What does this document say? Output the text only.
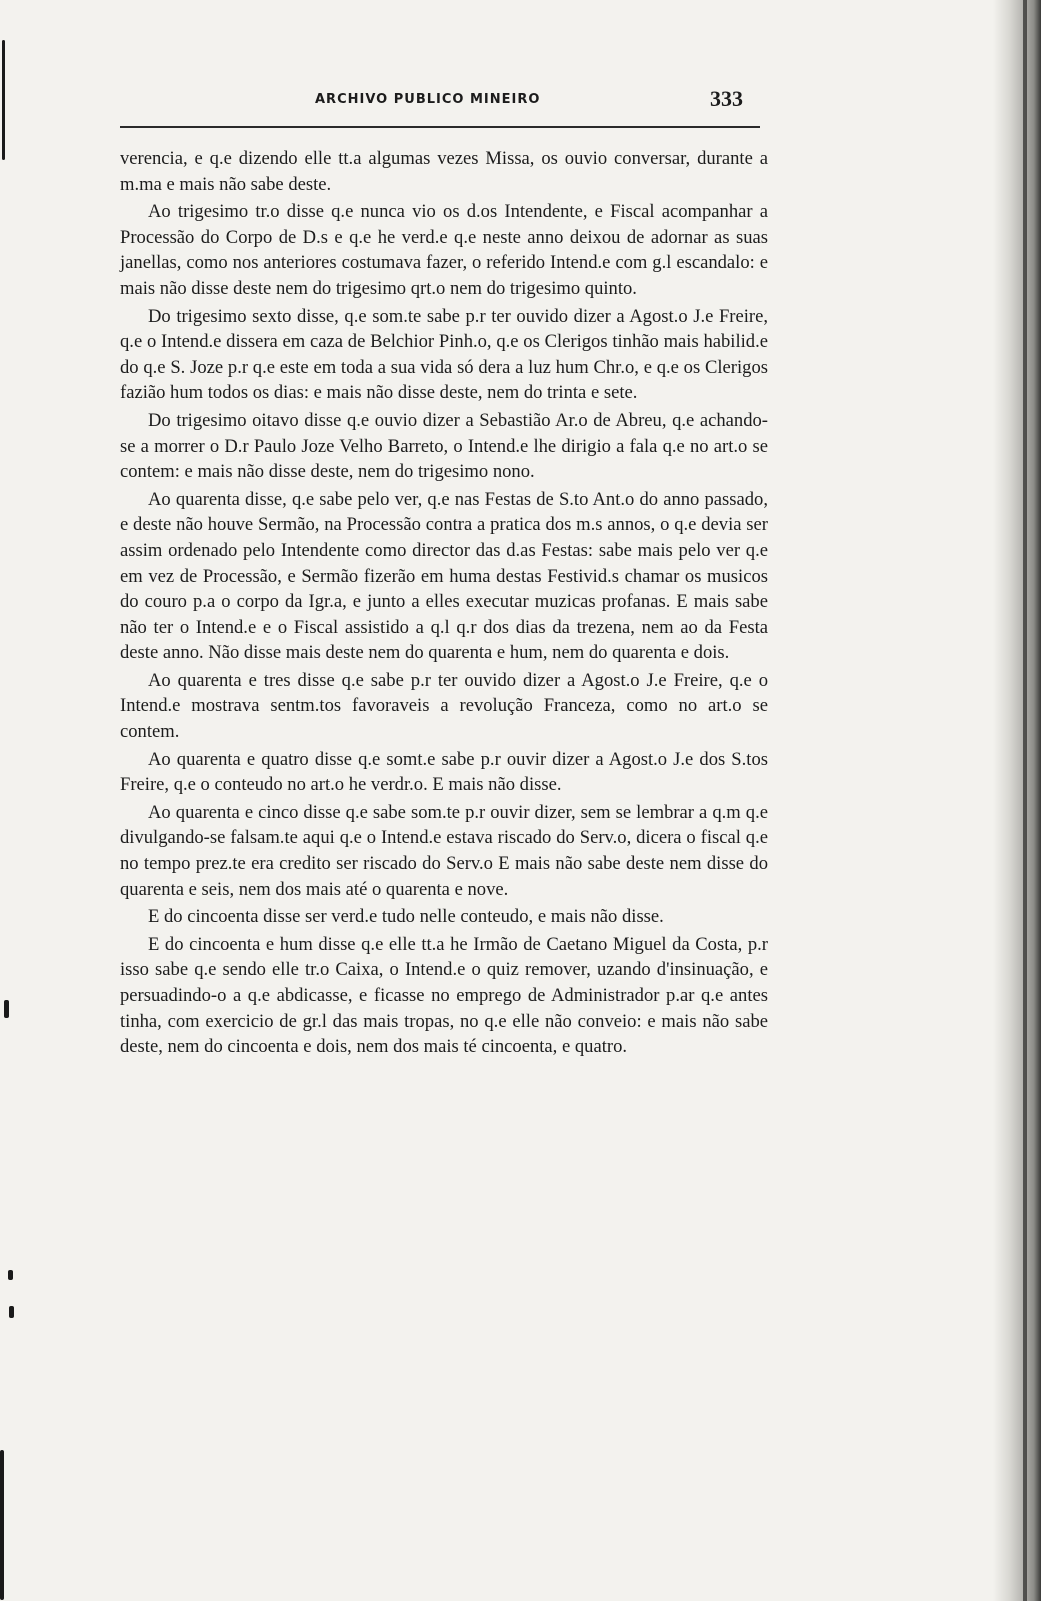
ARCHIVO PUBLICO MINEIRO	333

verencia, e q.e dizendo elle tt.a algumas vezes Missa, os ouvio conversar, durante a m.ma e mais não sabe deste.

Ao trigesimo tr.o disse q.e nunca vio os d.os Intendente, e Fiscal acompanhar a Processão do Corpo de D.s e q.e he verd.e q.e neste anno deixou de adornar as suas janellas, como nos anteriores costumava fazer, o referido Intend.e com g.l escandalo: e mais não disse deste nem do trigesimo qrt.o nem do trigesimo quinto.

Do trigesimo sexto disse, q.e som.te sabe p.r ter ouvido dizer a Agost.o J.e Freire, q.e o Intend.e dissera em caza de Belchior Pinh.o, q.e os Clerigos tinhão mais habilid.e do q.e S. Joze p.r q.e este em toda a sua vida só dera a luz hum Chr.o, e q.e os Clerigos fazião hum todos os dias: e mais não disse deste, nem do trinta e sete.

Do trigesimo oitavo disse q.e ouvio dizer a Sebastião Ar.o de Abreu, q.e achando-se a morrer o D.r Paulo Joze Velho Barreto, o Intend.e lhe dirigio a fala q.e no art.o se contem: e mais não disse deste, nem do trigesimo nono.

Ao quarenta disse, q.e sabe pelo ver, q.e nas Festas de S.to Ant.o do anno passado, e deste não houve Sermão, na Processão contra a pratica dos m.s annos, o q.e devia ser assim ordenado pelo Intendente como director das d.as Festas: sabe mais pelo ver q.e em vez de Processão, e Sermão fizerão em huma destas Festivid.s chamar os musicos do couro p.a o corpo da Igr.a, e junto a elles executar muzicas profanas. E mais sabe não ter o Intend.e e o Fiscal assistido a q.l q.r dos dias da trezena, nem ao da Festa deste anno. Não disse mais deste nem do quarenta e hum, nem do quarenta e dois.

Ao quarenta e tres disse q.e sabe p.r ter ouvido dizer a Agost.o J.e Freire, q.e o Intend.e mostrava sentm.tos favoraveis a revolução Franceza, como no art.o se contem.

Ao quarenta e quatro disse q.e somt.e sabe p.r ouvir dizer a Agost.o J.e dos S.tos Freire, q.e o conteudo no art.o he verdr.o. E mais não disse.

Ao quarenta e cinco disse q.e sabe som.te p.r ouvir dizer, sem se lembrar a q.m q.e divulgando-se falsam.te aqui q.e o Intend.e estava riscado do Serv.o, dicera o fiscal q.e no tempo prez.te era credito ser riscado do Serv.o E mais não sabe deste nem disse do quarenta e seis, nem dos mais até o quarenta e nove.

E do cincoenta disse ser verd.e tudo nelle conteudo, e mais não disse.

E do cincoenta e hum disse q.e elle tt.a he Irmão de Caetano Miguel da Costa, p.r isso sabe q.e sendo elle tr.o Caixa, o Intend.e o quiz remover, uzando d'insinuação, e persuadindo-o a q.e abdicasse, e ficasse no emprego de Administrador p.ar q.e antes tinha, com exercicio de gr.l das mais tropas, no q.e elle não conveio: e mais não sabe deste, nem do cincoenta e dois, nem dos mais té cincoenta, e quatro.
